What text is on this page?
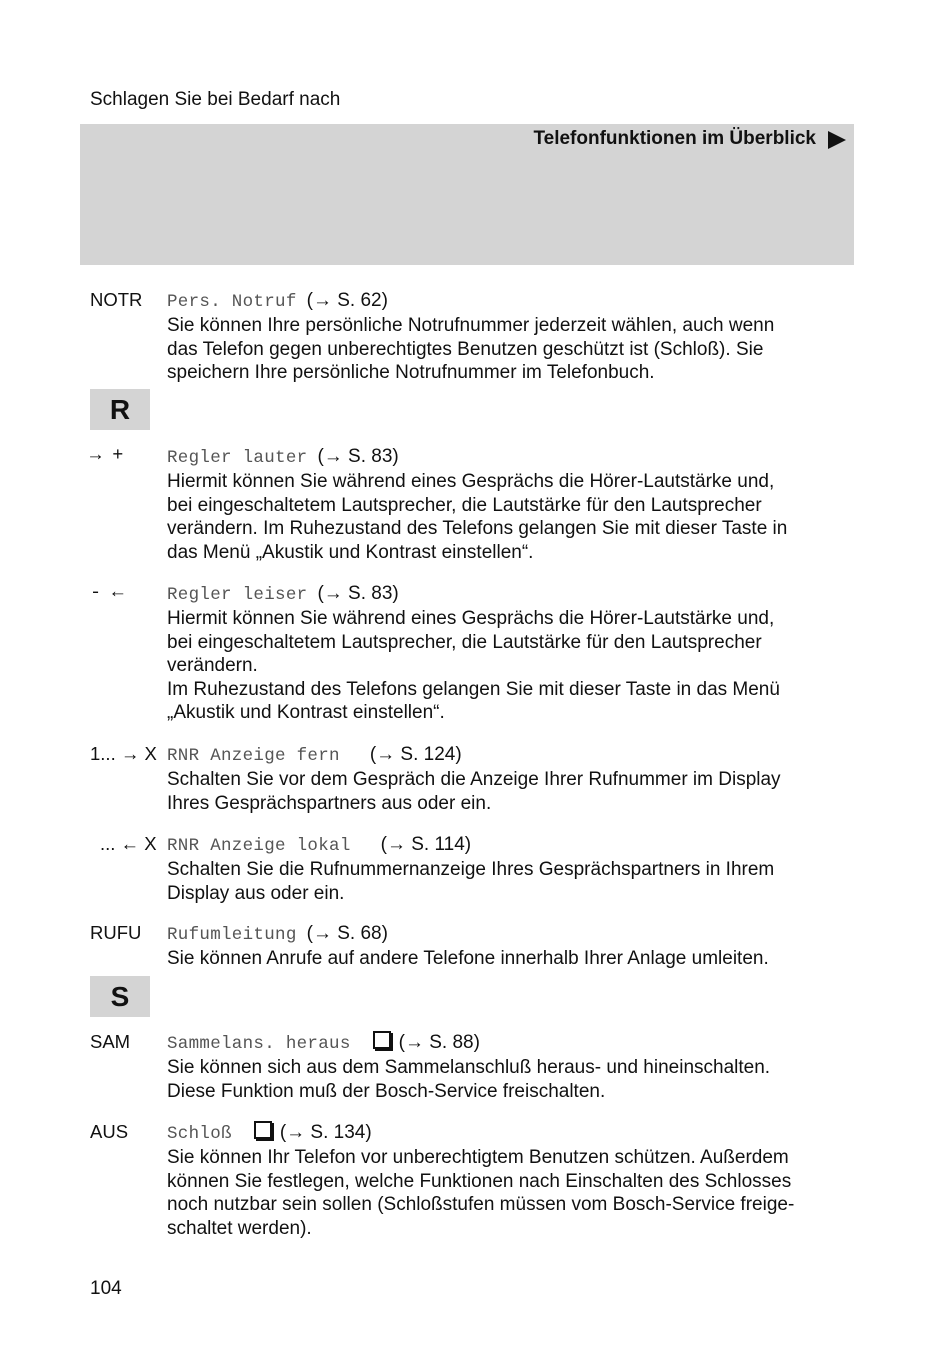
Schlagen Sie bei Bedarf nach
Telefonfunktionen im Überblick
NOTR Pers. Notruf (→ S. 62)
Sie können Ihre persönliche Notrufnummer jederzeit wählen, auch wenn
das Telefon gegen unberechtigtes Benutzen geschützt ist (Schloß). Sie
speichern Ihre persönliche Notrufnummer im Telefonbuch.
R
→ + Regler lauter (→ S. 83)
Hiermit können Sie während eines Gesprächs die Hörer-Lautstärke und,
bei eingeschaltetem Lautsprecher, die Lautstärke für den Lautsprecher
verändern. Im Ruhezustand des Telefons gelangen Sie mit dieser Taste in
das Menü „Akustik und Kontrast einstellen“.
- ← Regler leiser (→ S. 83)
Hiermit können Sie während eines Gesprächs die Hörer-Lautstärke und,
bei eingeschaltetem Lautsprecher, die Lautstärke für den Lautsprecher
verändern.
Im Ruhezustand des Telefons gelangen Sie mit dieser Taste in das Menü
„Akustik und Kontrast einstellen“.
1... → X RNR Anzeige fern (→ S. 124)
Schalten Sie vor dem Gespräch die Anzeige Ihrer Rufnummer im Display
Ihres Gesprächspartners aus oder ein.
... ← X RNR Anzeige lokal (→ S. 114)
Schalten Sie die Rufnummernanzeige Ihres Gesprächspartners in Ihrem
Display aus oder ein.
RUFU Rufumleitung (→ S. 68)
Sie können Anrufe auf andere Telefone innerhalb Ihrer Anlage umleiten.
S
SAM Sammelans. heraus	(→ S. 88)
Sie können sich aus dem Sammelanschluß heraus- und hineinschalten.
Diese Funktion muß der Bosch-Service freischalten.
AUS Schloß	(→ S. 134)
Sie können Ihr Telefon vor unberechtigtem Benutzen schützen. Außerdem
können Sie festlegen, welche Funktionen nach Einschalten des Schlosses
noch nutzbar sein sollen (Schloßstufen müssen vom Bosch-Service freige-
schaltet werden).
104
